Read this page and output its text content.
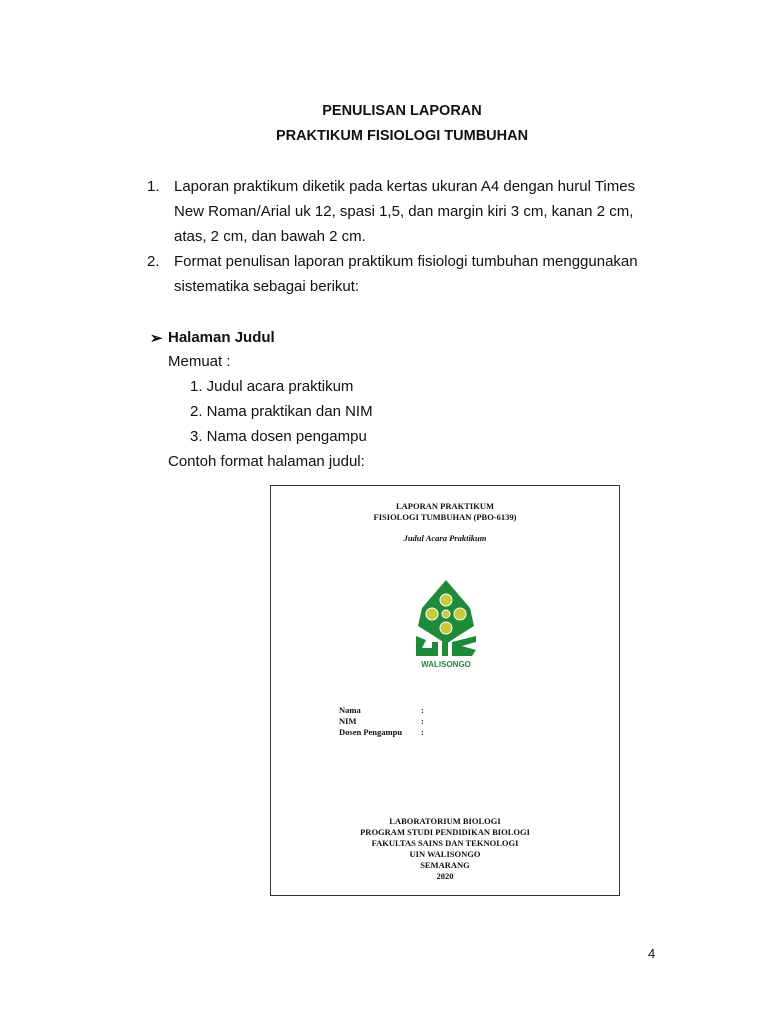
PENULISAN LAPORAN
PRAKTIKUM FISIOLOGI TUMBUHAN
1. Laporan praktikum diketik pada kertas ukuran A4 dengan hurul Times
New Roman/Arial uk 12, spasi 1,5, dan margin kiri 3 cm, kanan 2 cm,
atas, 2 cm, dan bawah 2 cm.
2. Format penulisan laporan praktikum fisiologi tumbuhan menggunakan
sistematika sebagai berikut:
➢ Halaman Judul
Memuat :
1. Judul acara praktikum
2. Nama praktikan dan NIM
3. Nama dosen pengampu
Contoh format halaman judul:
LAPORAN PRAKTIKUM
FISIOLOGI TUMBUHAN (PBO-6139)
Judul Acara Praktikum
WALISONGO
Nama	:
NIM	:
Dosen Pengampu :
LABORATORIUM BIOLOGI
PROGRAM STUDI PENDIDIKAN BIOLOGI
FAKULTAS SAINS DAN TEKNOLOGI
UIN WALISONGO
SEMARANG
2020
4
